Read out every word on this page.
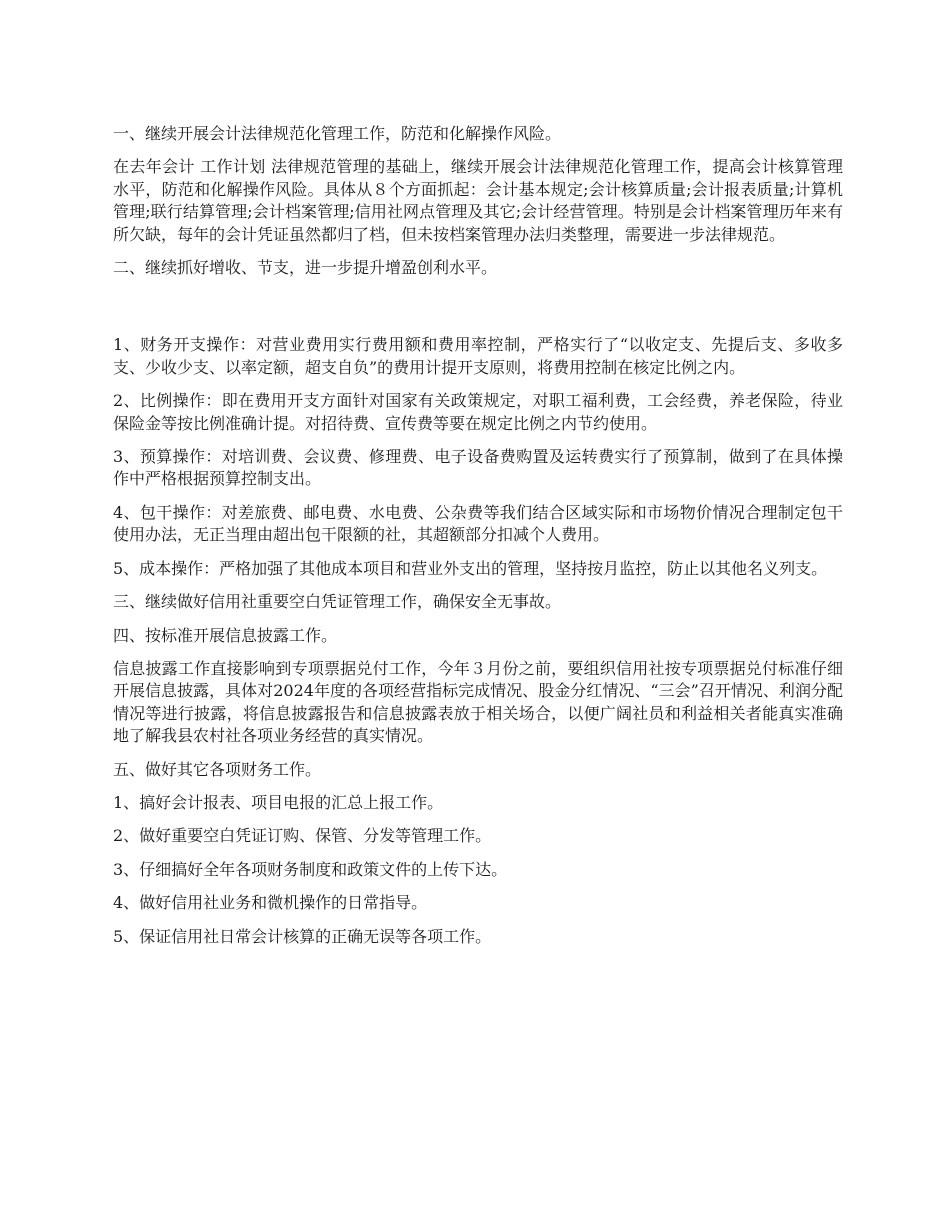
一、继续开展会计法律规范化管理工作，防范和化解操作风险。

在去年会计 工作计划 法律规范管理的基础上，继续开展会计法律规范化管理工作，提高会计核算管理水平，防范和化解操作风险。具体从８个方面抓起：会计基本规定;会计核算质量;会计报表质量;计算机管理;联行结算管理;会计档案管理;信用社网点管理及其它;会计经营管理。特别是会计档案管理历年来有所欠缺，每年的会计凭证虽然都归了档，但未按档案管理办法归类整理，需要进一步法律规范。

二、继续抓好增收、节支，进一步提升增盈创利水平。

1、财务开支操作：对营业费用实行费用额和费用率控制，严格实行了“以收定支、先提后支、多收多支、少收少支、以率定额，超支自负”的费用计提开支原则，将费用控制在核定比例之内。

2、比例操作：即在费用开支方面针对国家有关政策规定，对职工福利费，工会经费，养老保险，待业保险金等按比例准确计提。对招待费、宣传费等要在规定比例之内节约使用。

3、预算操作：对培训费、会议费、修理费、电子设备费购置及运转费实行了预算制，做到了在具体操作中严格根据预算控制支出。

4、包干操作：对差旅费、邮电费、水电费、公杂费等我们结合区域实际和市场物价情况合理制定包干使用办法，无正当理由超出包干限额的社，其超额部分扣减个人费用。

5、成本操作：严格加强了其他成本项目和营业外支出的管理，坚持按月监控，防止以其他名义列支。

三、继续做好信用社重要空白凭证管理工作，确保安全无事故。

四、按标准开展信息披露工作。

信息披露工作直接影响到专项票据兑付工作，今年３月份之前，要组织信用社按专项票据兑付标准仔细开展信息披露，具体对2024年度的各项经营指标完成情况、股金分红情况、“三会”召开情况、利润分配情况等进行披露，将信息披露报告和信息披露表放于相关场合，以便广阔社员和利益相关者能真实准确地了解我县农村社各项业务经营的真实情况。

五、做好其它各项财务工作。

1、搞好会计报表、项目电报的汇总上报工作。

2、做好重要空白凭证订购、保管、分发等管理工作。

3、仔细搞好全年各项财务制度和政策文件的上传下达。

4、做好信用社业务和微机操作的日常指导。

5、保证信用社日常会计核算的正确无误等各项工作。
